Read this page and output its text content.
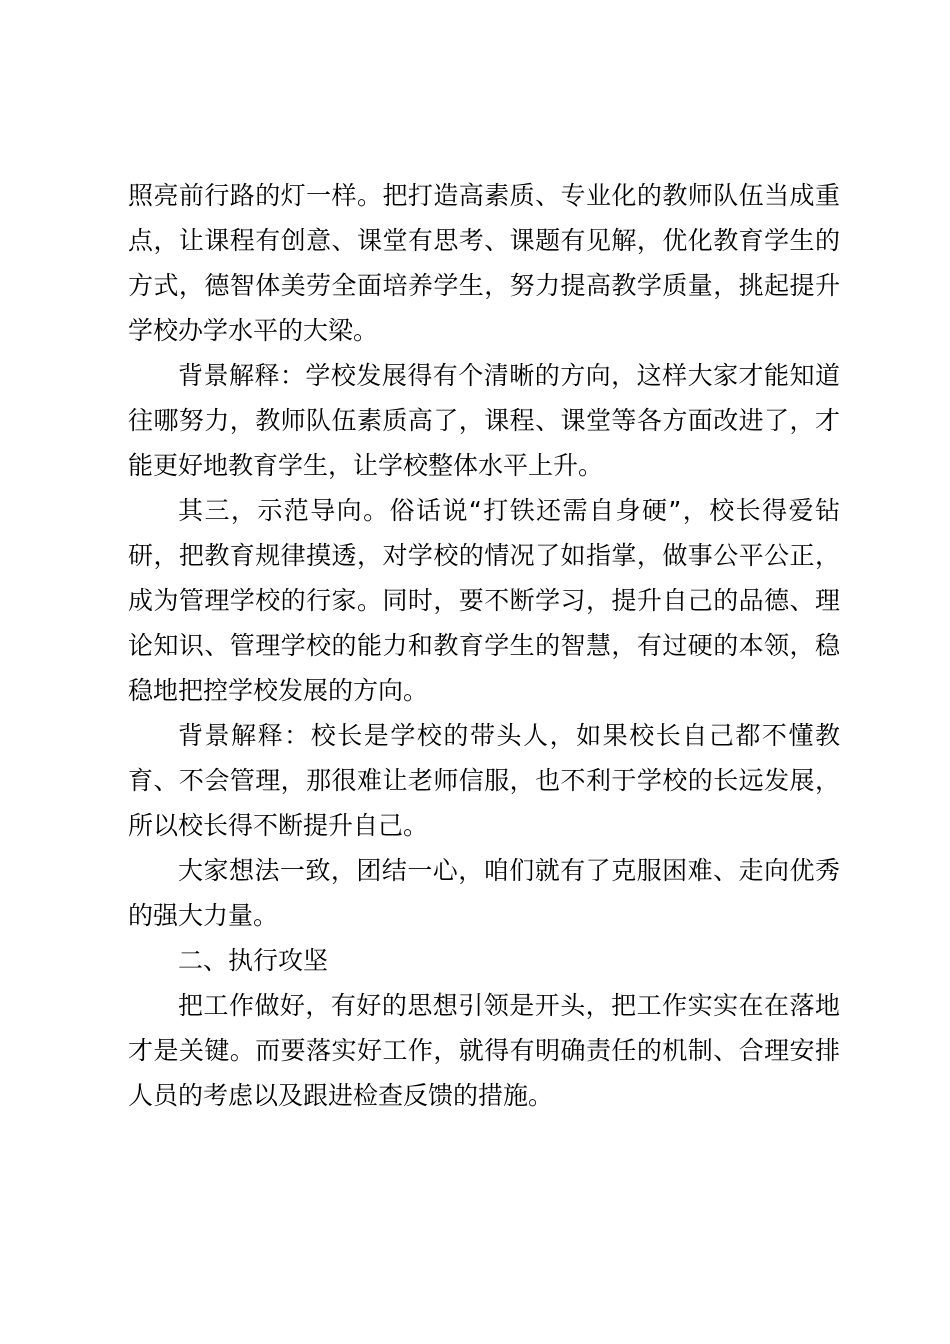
照亮前行路的灯一样。把打造高素质、专业化的教师队伍当成重点，让课程有创意、课堂有思考、课题有见解，优化教育学生的方式，德智体美劳全面培养学生，努力提高教学质量，挑起提升学校办学水平的大梁。

背景解释：学校发展得有个清晰的方向，这样大家才能知道往哪努力，教师队伍素质高了，课程、课堂等各方面改进了，才能更好地教育学生，让学校整体水平上升。

其三，示范导向。俗话说“打铁还需自身硬”，校长得爱钻研，把教育规律摸透，对学校的情况了如指掌，做事公平公正，成为管理学校的行家。同时，要不断学习，提升自己的品德、理论知识、管理学校的能力和教育学生的智慧，有过硬的本领，稳稳地把控学校发展的方向。

背景解释：校长是学校的带头人，如果校长自己都不懂教育、不会管理，那很难让老师信服，也不利于学校的长远发展，所以校长得不断提升自己。

大家想法一致，团结一心，咱们就有了克服困难、走向优秀的强大力量。

二、执行攻坚

把工作做好，有好的思想引领是开头，把工作实实在在落地才是关键。而要落实好工作，就得有明确责任的机制、合理安排人员的考虑以及跟进检查反馈的措施。
